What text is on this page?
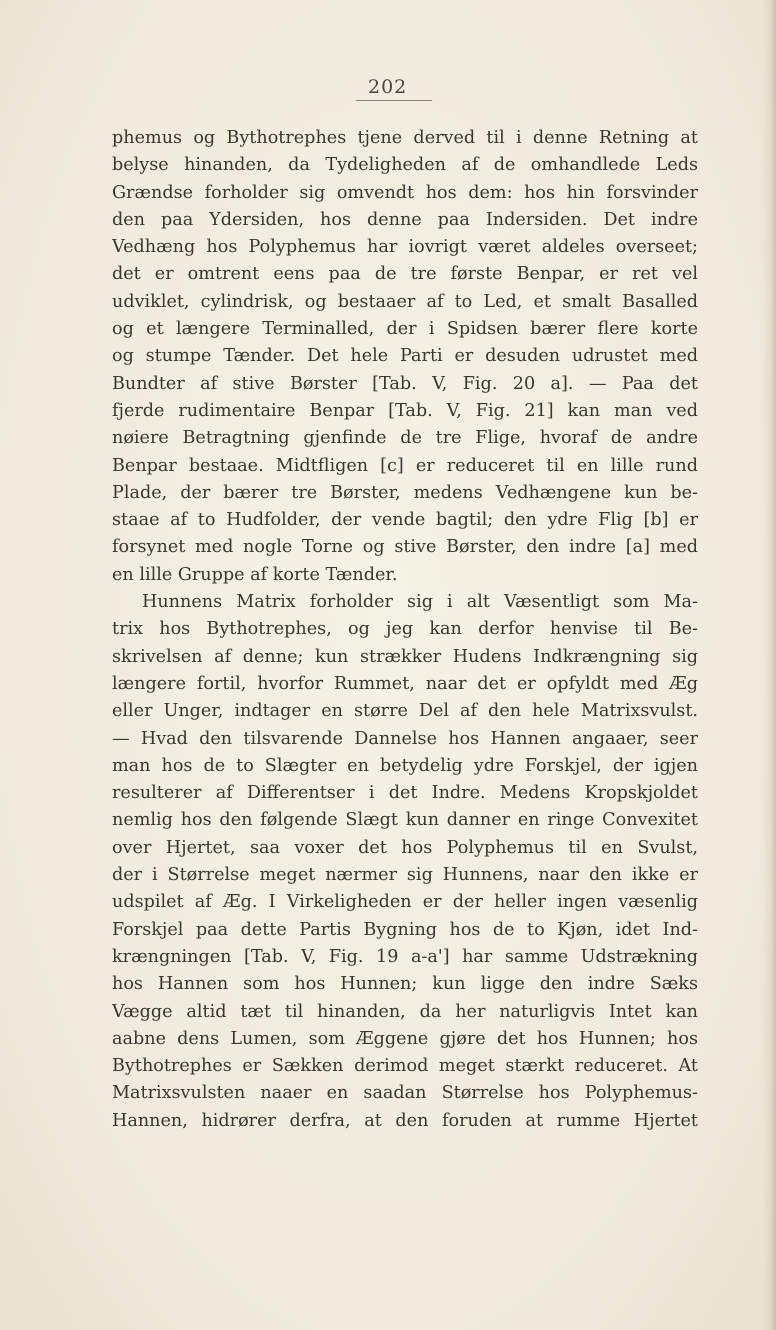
202
phemus og Bythotrephes tjene derved til i denne Retning at
belyse hinanden, da Tydeligheden af de omhandlede Leds
Grændse forholder sig omvendt hos dem: hos hin forsvinder
den paa Ydersiden, hos denne paa Indersiden. Det indre
Vedhæng hos Polyphemus har iovrigt været aldeles overseet;
det er omtrent eens paa de tre første Benpar, er ret vel
udviklet, cylindrisk, og bestaaer af to Led, et smalt Basalled
og et længere Terminalled, der i Spidsen bærer flere korte
og stumpe Tænder. Det hele Parti er desuden udrustet med
Bundter af stive Børster [Tab. V, Fig. 20 a]. — Paa det
fjerde rudimentaire Benpar [Tab. V, Fig. 21] kan man ved
nøiere Betragtning gjenfinde de tre Flige, hvoraf de andre
Benpar bestaae. Midtfligen [c] er reduceret til en lille rund
Plade, der bærer tre Børster, medens Vedhængene kun be-
staae af to Hudfolder, der vende bagtil; den ydre Flig [b] er
forsynet med nogle Torne og stive Børster, den indre [a] med
en lille Gruppe af korte Tænder.
Hunnens Matrix forholder sig i alt Væsentligt som Ma-
trix hos Bythotrephes, og jeg kan derfor henvise til Be-
skrivelsen af denne; kun strækker Hudens Indkrængning sig
længere fortil, hvorfor Rummet, naar det er opfyldt med Æg
eller Unger, indtager en større Del af den hele Matrixsvulst.
— Hvad den tilsvarende Dannelse hos Hannen angaaer, seer
man hos de to Slægter en betydelig ydre Forskjel, der igjen
resulterer af Differentser i det Indre. Medens Kropskjoldet
nemlig hos den følgende Slægt kun danner en ringe Convexitet
over Hjertet, saa voxer det hos Polyphemus til en Svulst,
der i Størrelse meget nærmer sig Hunnens, naar den ikke er
udspilet af Æg. I Virkeligheden er der heller ingen væsenlig
Forskjel paa dette Partis Bygning hos de to Kjøn, idet Ind-
krængningen [Tab. V, Fig. 19 a-a'] har samme Udstrækning
hos Hannen som hos Hunnen; kun ligge den indre Sæks
Vægge altid tæt til hinanden, da her naturligvis Intet kan
aabne dens Lumen, som Æggene gjøre det hos Hunnen; hos
Bythotrephes er Sækken derimod meget stærkt reduceret. At
Matrixsvulsten naaer en saadan Størrelse hos Polyphemus-
Hannen, hidrører derfra, at den foruden at rumme Hjertet
